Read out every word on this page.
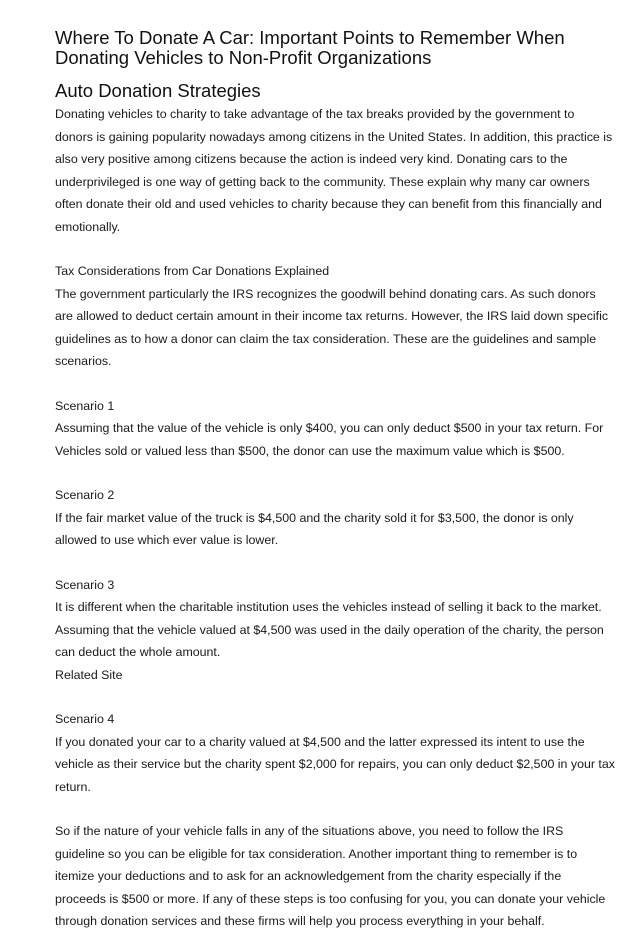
Where To Donate A Car: Important Points to Remember When Donating Vehicles to Non-Profit Organizations
Auto Donation Strategies

Donating vehicles to charity to take advantage of the tax breaks provided by the government to donors is gaining popularity nowadays among citizens in the United States. In addition, this practice is also very positive among citizens because the action is indeed very kind. Donating cars to the underprivileged is one way of getting back to the community. These explain why many car owners often donate their old and used vehicles to charity because they can benefit from this financially and emotionally.

Tax Considerations from Car Donations Explained

The government particularly the IRS recognizes the goodwill behind donating cars. As such donors are allowed to deduct certain amount in their income tax returns. However, the IRS laid down specific guidelines as to how a donor can claim the tax consideration. These are the guidelines and sample scenarios.

Scenario 1

Assuming that the value of the vehicle is only $400, you can only deduct $500 in your tax return. For Vehicles sold or valued less than $500, the donor can use the maximum value which is $500.

Scenario 2

If the fair market value of the truck is $4,500 and the charity sold it for $3,500, the donor is only allowed to use which ever value is lower.

Scenario 3

It is different when the charitable institution uses the vehicles instead of selling it back to the market. Assuming that the vehicle valued at $4,500 was used in the daily operation of the charity, the person can deduct the whole amount.

Related Site

Scenario 4

If you donated your car to a charity valued at $4,500 and the latter expressed its intent to use the vehicle as their service but the charity spent $2,000 for repairs, you can only deduct $2,500 in your tax return.

So if the nature of your vehicle falls in any of the situations above, you need to follow the IRS guideline so you can be eligible for tax consideration. Another important thing to remember is to itemize your deductions and to ask for an acknowledgement from the charity especially if the proceeds is $500 or more. If any of these steps is too confusing for you, you can donate your vehicle through donation services and these firms will help you process everything in your behalf.
